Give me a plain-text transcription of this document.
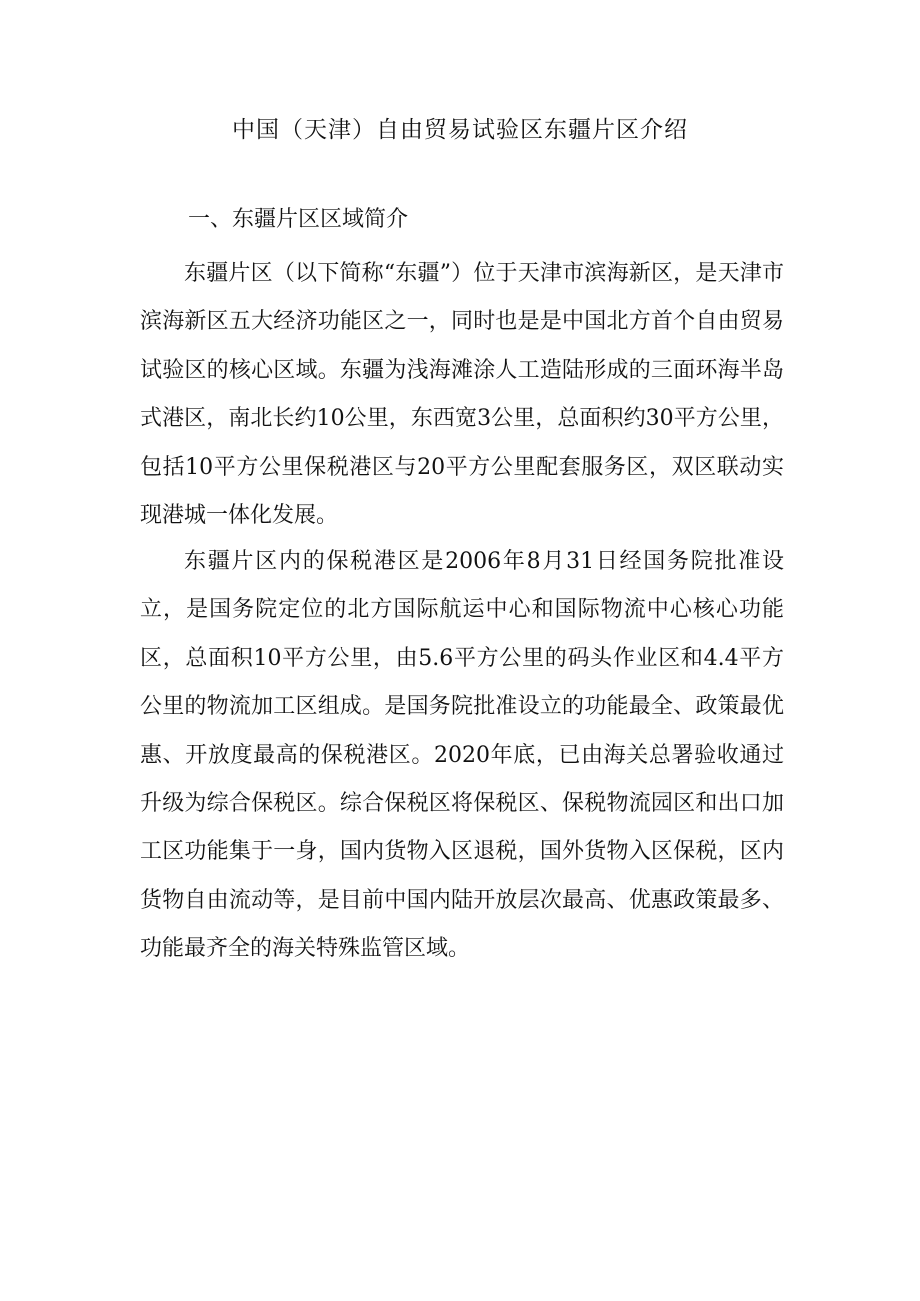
中国（天津）自由贸易试验区东疆片区介绍
一、东疆片区区域简介

东疆片区（以下简称“东疆”）位于天津市滨海新区，是天津市滨海新区五大经济功能区之一，同时也是是中国北方首个自由贸易试验区的核心区域。东疆为浅海滩涂人工造陆形成的三面环海半岛式港区，南北长约10公里，东西宽3公里，总面积约30平方公里，包括10平方公里保税港区与20平方公里配套服务区，双区联动实现港城一体化发展。

东疆片区内的保税港区是2006年8月31日经国务院批准设立，是国务院定位的北方国际航运中心和国际物流中心核心功能区，总面积10平方公里，由5.6平方公里的码头作业区和4.4平方公里的物流加工区组成。是国务院批准设立的功能最全、政策最优惠、开放度最高的保税港区。2020年底，已由海关总署验收通过升级为综合保税区。综合保税区将保税区、保税物流园区和出口加工区功能集于一身，国内货物入区退税，国外货物入区保税，区内货物自由流动等，是目前中国内陆开放层次最高、优惠政策最多、功能最齐全的海关特殊监管区域。
